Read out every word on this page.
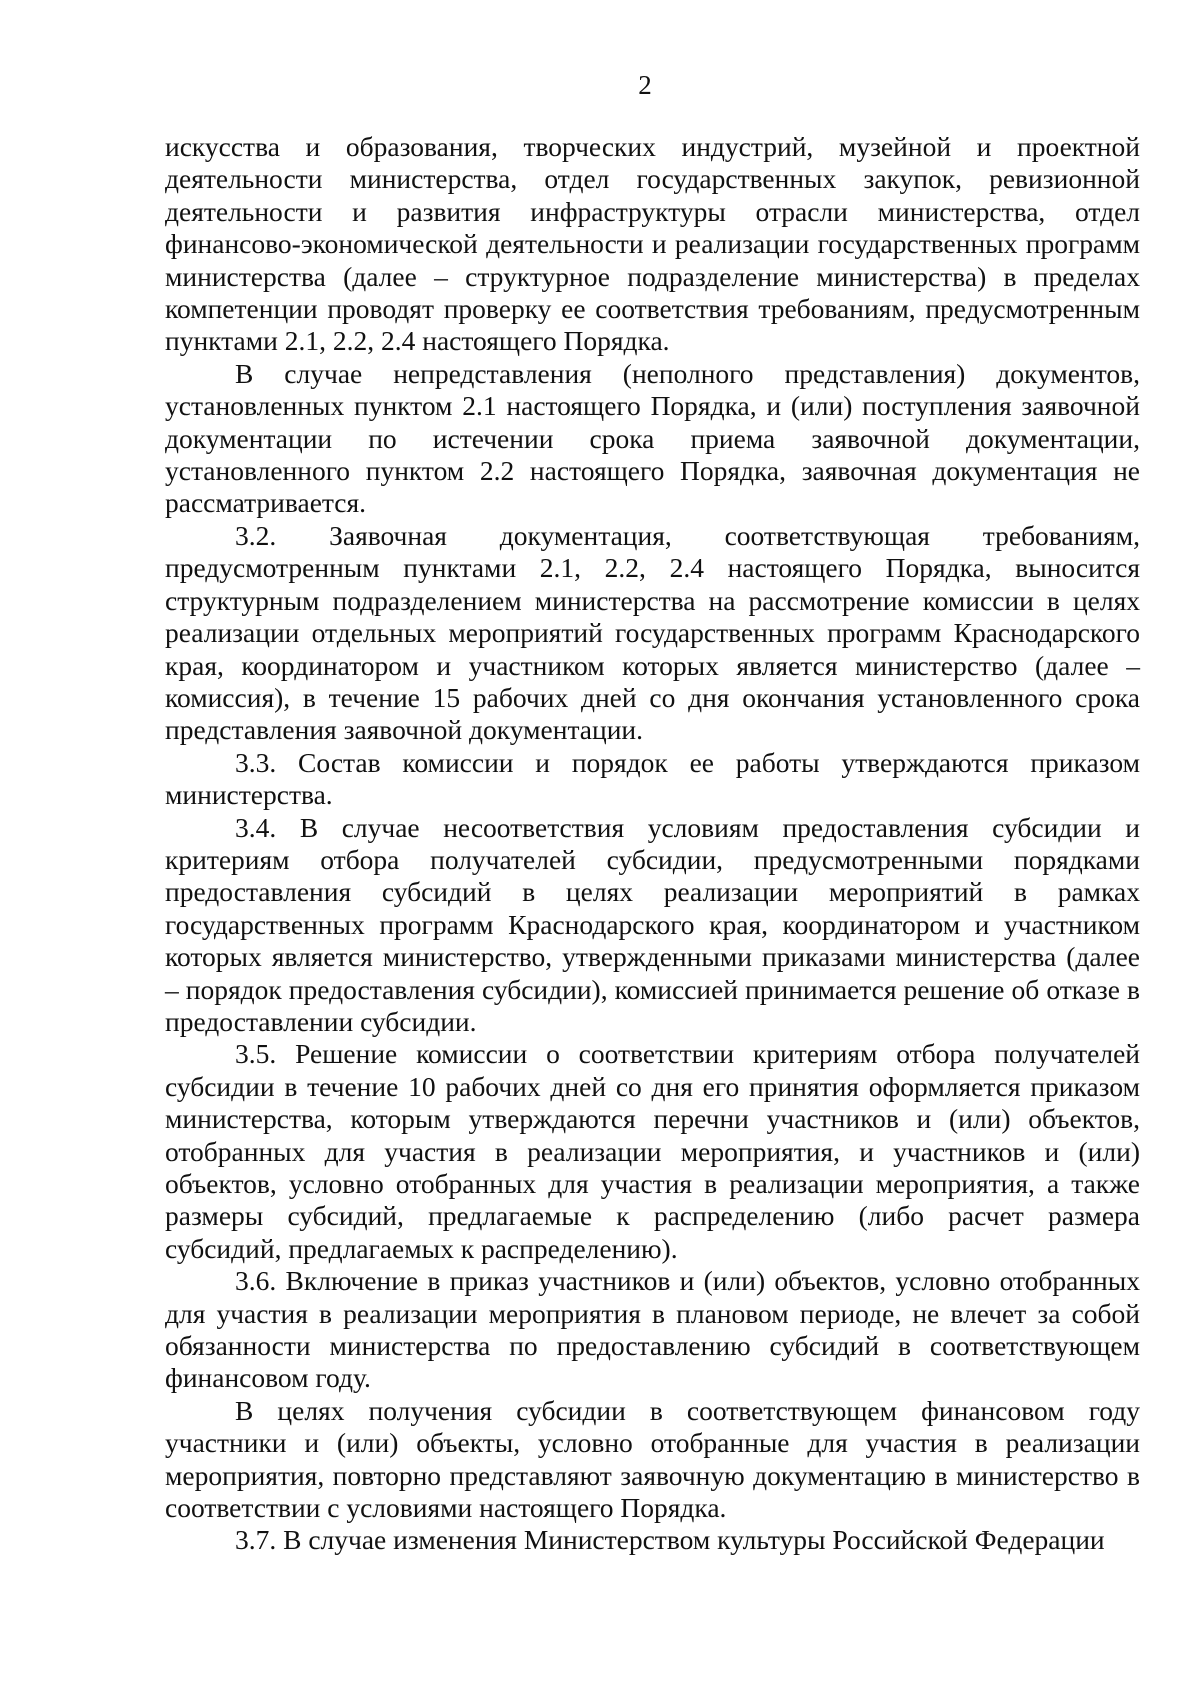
2

искусства и образования, творческих индустрий, музейной и проектной деятельности министерства, отдел государственных закупок, ревизионной деятельности и развития инфраструктуры отрасли министерства, отдел финансово-экономической деятельности и реализации государственных программ министерства (далее – структурное подразделение министерства) в пределах компетенции проводят проверку ее соответствия требованиям, предусмотренным пунктами 2.1, 2.2, 2.4 настоящего Порядка.

В случае непредставления (неполного представления) документов, установленных пунктом 2.1 настоящего Порядка, и (или) поступления заявочной документации по истечении срока приема заявочной документации, установленного пунктом 2.2 настоящего Порядка, заявочная документация не рассматривается.

3.2. Заявочная документация, соответствующая требованиям, предусмотренным пунктами 2.1, 2.2, 2.4 настоящего Порядка, выносится структурным подразделением министерства на рассмотрение комиссии в целях реализации отдельных мероприятий государственных программ Краснодарского края, координатором и участником которых является министерство (далее – комиссия), в течение 15 рабочих дней со дня окончания установленного срока представления заявочной документации.

3.3. Состав комиссии и порядок ее работы утверждаются приказом министерства.

3.4. В случае несоответствия условиям предоставления субсидии и критериям отбора получателей субсидии, предусмотренными порядками предоставления субсидий в целях реализации мероприятий в рамках государственных программ Краснодарского края, координатором и участником которых является министерство, утвержденными приказами министерства (далее – порядок предоставления субсидии), комиссией принимается решение об отказе в предоставлении субсидии.

3.5. Решение комиссии о соответствии критериям отбора получателей субсидии в течение 10 рабочих дней со дня его принятия оформляется приказом министерства, которым утверждаются перечни участников и (или) объектов, отобранных для участия в реализации мероприятия, и участников и (или) объектов, условно отобранных для участия в реализации мероприятия, а также размеры субсидий, предлагаемые к распределению (либо расчет размера субсидий, предлагаемых к распределению).

3.6. Включение в приказ участников и (или) объектов, условно отобранных для участия в реализации мероприятия в плановом периоде, не влечет за собой обязанности министерства по предоставлению субсидий в соответствующем финансовом году.

В целях получения субсидии в соответствующем финансовом году участники и (или) объекты, условно отобранные для участия в реализации мероприятия, повторно представляют заявочную документацию в министерство в соответствии с условиями настоящего Порядка.

3.7. В случае изменения Министерством культуры Российской Федерации
